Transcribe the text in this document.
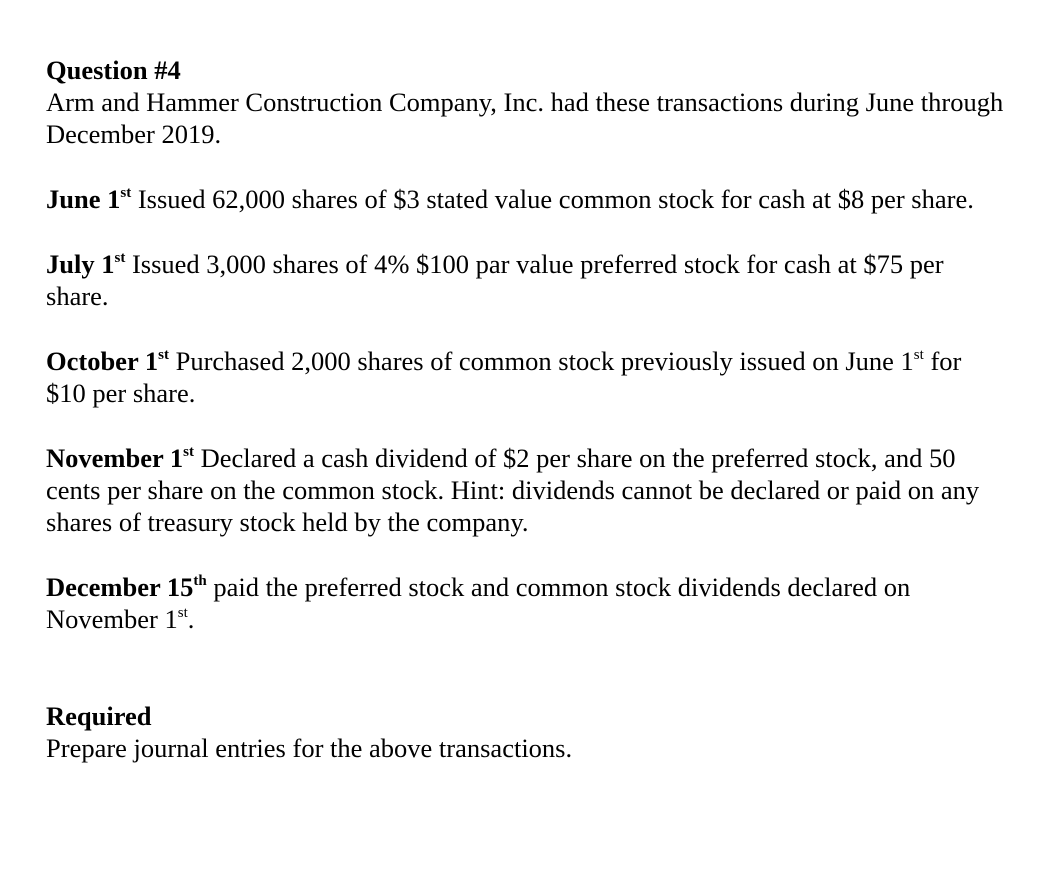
Question #4
Arm and Hammer Construction Company, Inc. had these transactions during June through December 2019.

June 1st Issued 62,000 shares of $3 stated value common stock for cash at $8 per share.

July 1st Issued 3,000 shares of 4% $100 par value preferred stock for cash at $75 per share.

October 1st Purchased 2,000 shares of common stock previously issued on June 1st for $10 per share.

November 1st Declared a cash dividend of $2 per share on the preferred stock, and 50 cents per share on the common stock. Hint: dividends cannot be declared or paid on any shares of treasury stock held by the company.

December 15th paid the preferred stock and common stock dividends declared on November 1st.

Required
Prepare journal entries for the above transactions.
